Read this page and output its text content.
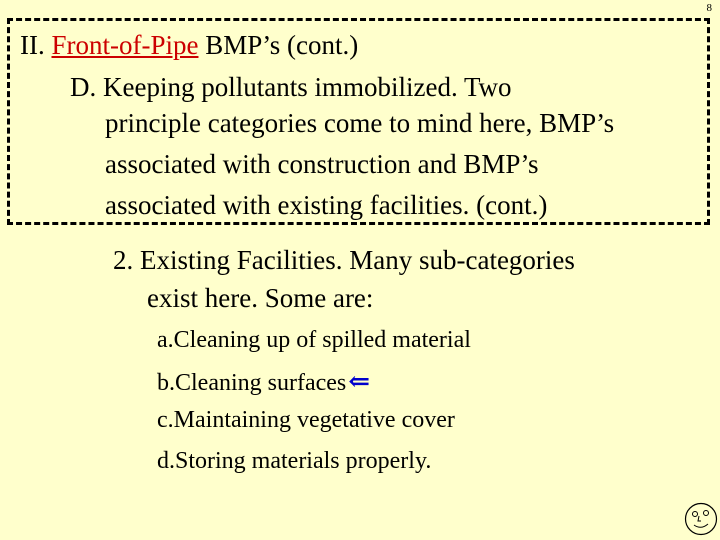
8
II. Front-of-Pipe BMP’s (cont.)
D. Keeping pollutants immobilized. Two
principle categories come to mind here, BMP’s
associated with construction and BMP’s
associated with existing facilities. (cont.)
2. Existing Facilities. Many sub-categories
exist here. Some are:
a.Cleaning up of spilled material
b.Cleaning surfaces⇐
c.Maintaining vegetative cover
d.Storing materials properly.
